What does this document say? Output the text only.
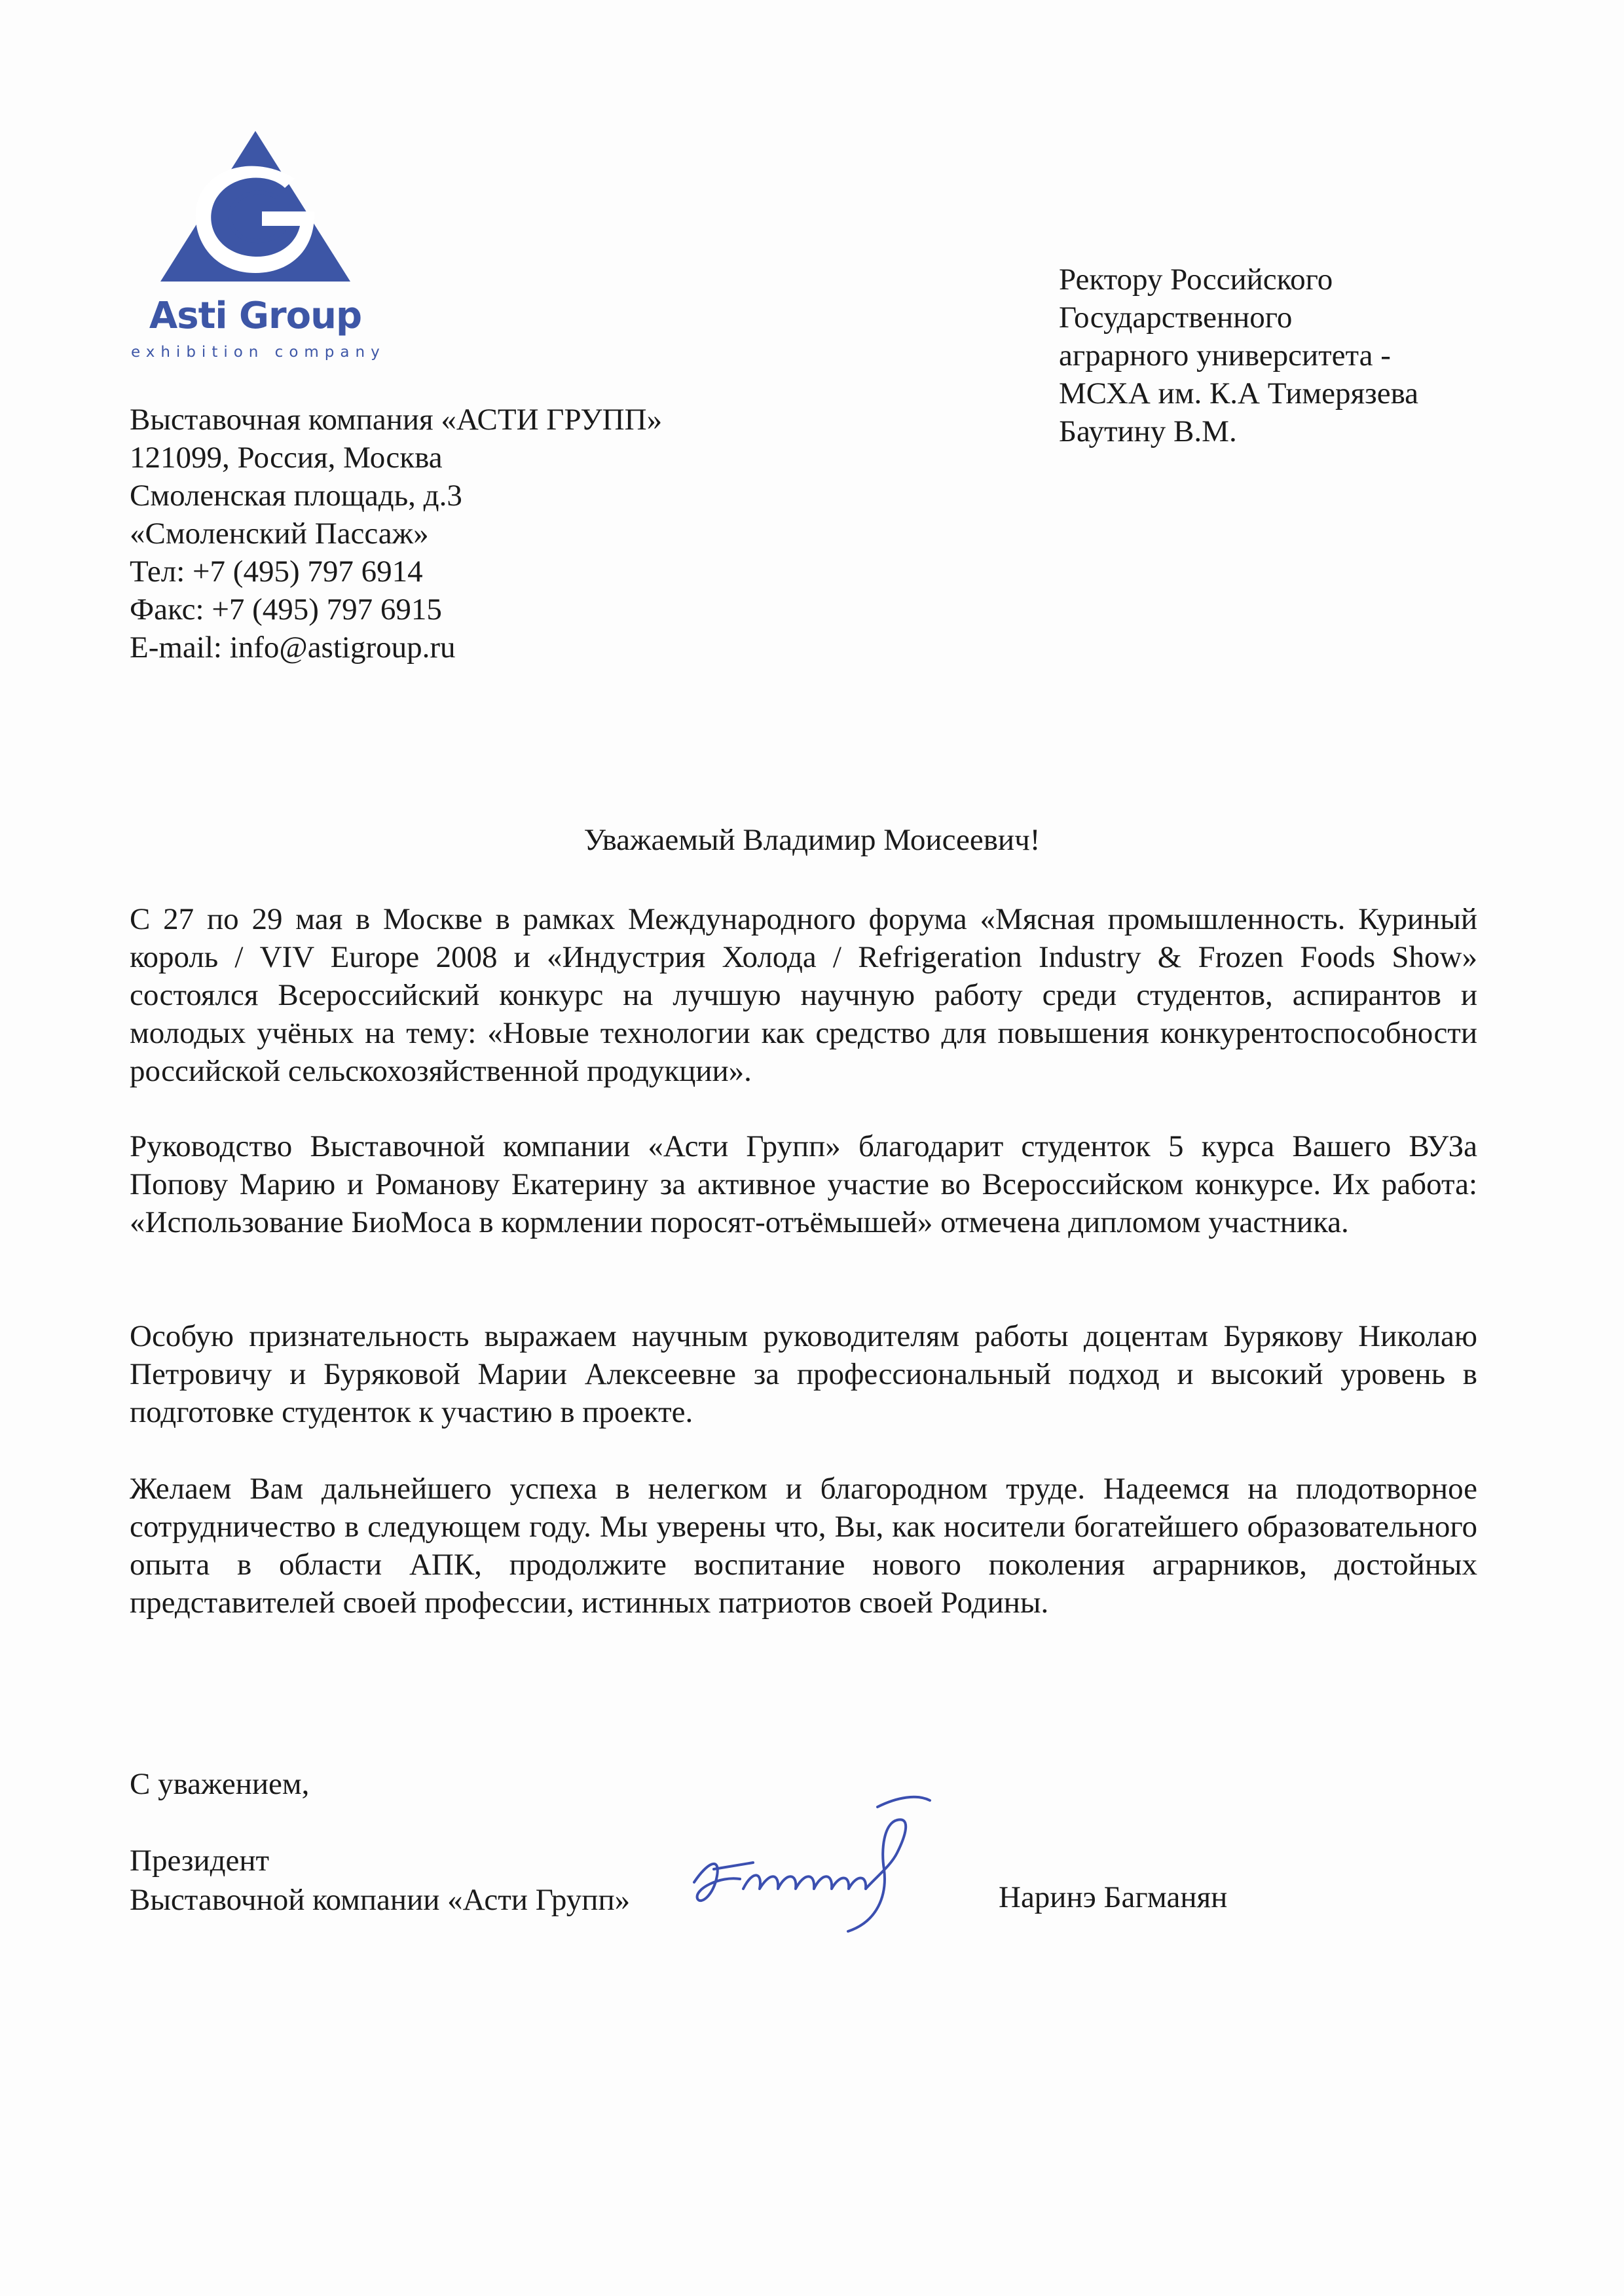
Asti Group
exhibition company
Выставочная компания «АСТИ ГРУПП»
121099, Россия, Москва
Смоленская площадь, д.3
«Смоленский Пассаж»
Тел: +7 (495) 797 6914
Факс: +7 (495) 797 6915
E-mail: info@astigroup.ru
Ректору Российского
Государственного
аграрного университета -
МСХА им. К.А Тимерязева
Баутину В.М.
Уважаемый Владимир Моисеевич!

С 27 по 29 мая в Москве в рамках Международного форума «Мясная промышленность. Куриный король / VIV Europe 2008 и «Индустрия Холода / Refrigeration Industry & Frozen Foods Show» состоялся Всероссийский конкурс на лучшую научную работу среди студентов, аспирантов и молодых учёных на тему: «Новые технологии как средство для повышения конкурентоспособности российской сельскохозяйственной продукции».

Руководство Выставочной компании «Асти Групп» благодарит студенток 5 курса Вашего ВУЗа Попову Марию и Романову Екатерину за активное участие во Всероссийском конкурсе. Их работа: «Использование БиоМоса в кормлении поросят-отъёмышей» отмечена дипломом участника.

Особую признательность выражаем научным руководителям работы доцентам Бурякову Николаю Петровичу и Буряковой Марии Алексеевне за профессиональный подход и высокий уровень в подготовке студенток к участию в проекте.

Желаем Вам дальнейшего успеха в нелегком и благородном труде. Надеемся на плодотворное сотрудничество в следующем году. Мы уверены что, Вы, как носители богатейшего образовательного опыта в области АПК, продолжите воспитание нового поколения аграрников, достойных представителей своей профессии, истинных патриотов своей Родины.

С уважением,
Президент
Выставочной компании «Асти Групп»	Наринэ Багманян
